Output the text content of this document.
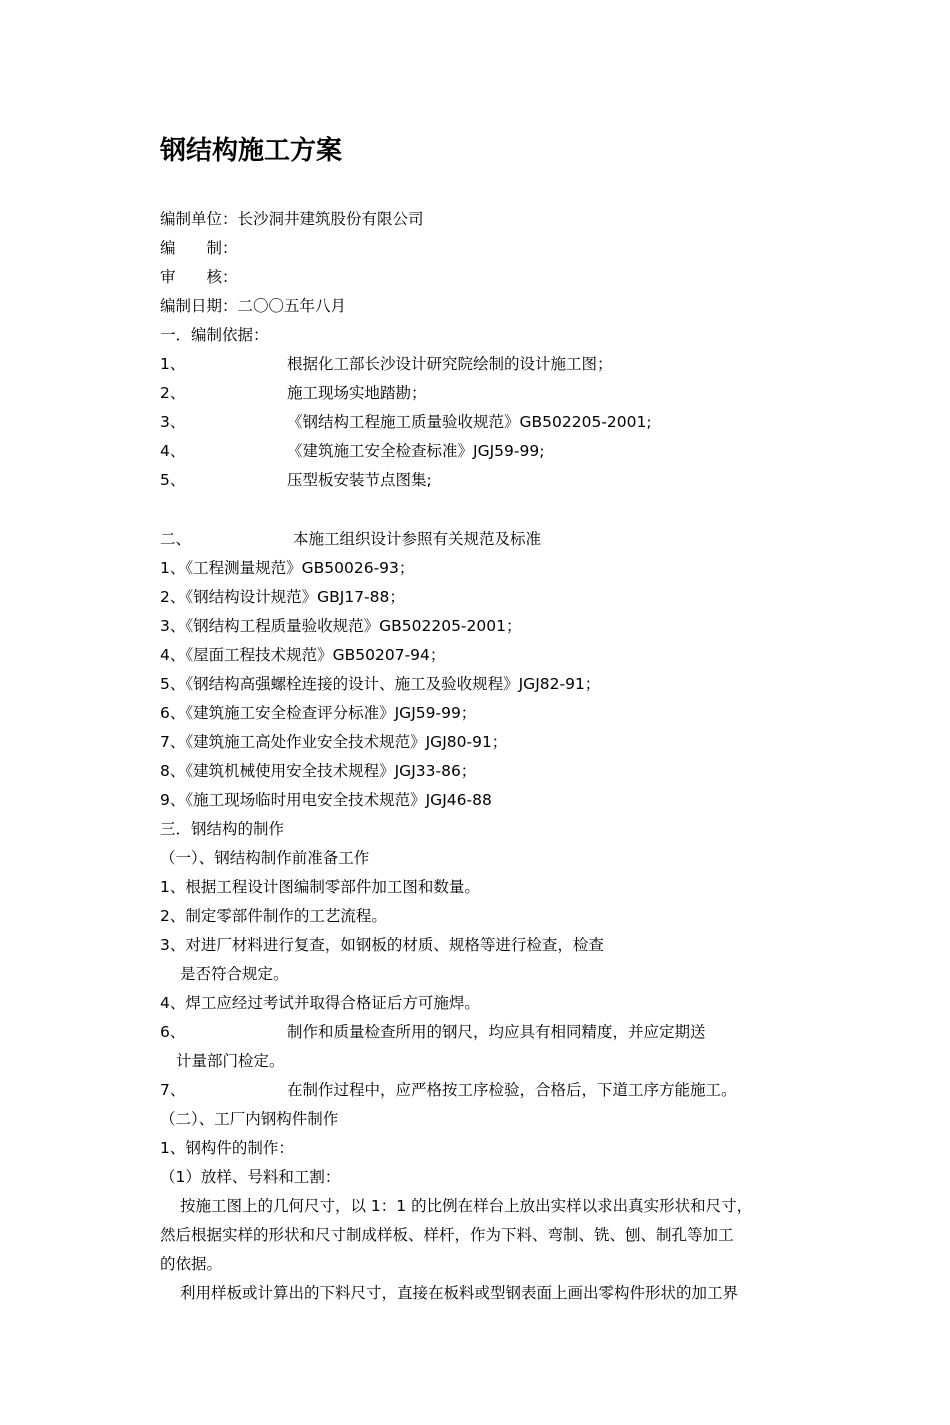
钢结构施工方案
编制单位：长沙洞井建筑股份有限公司
编　　制：
审　　核：
编制日期：二〇〇五年八月
一．编制依据：
1、	根据化工部长沙设计研究院绘制的设计施工图；
2、	施工现场实地踏勘；
3、	《钢结构工程施工质量验收规范》GB502205-2001;
4、	《建筑施工安全检查标准》JGJ59-99;
5、	压型板安装节点图集;
二、	本施工组织设计参照有关规范及标准
1、《工程测量规范》GB50026-93；
2、《钢结构设计规范》GBJ17-88；
3、《钢结构工程质量验收规范》GB502205-2001；
4、《屋面工程技术规范》GB50207-94；
5、《钢结构高强螺栓连接的设计、施工及验收规程》JGJ82-91；
6、《建筑施工安全检查评分标准》JGJ59-99；
7、《建筑施工高处作业安全技术规范》JGJ80-91；
8、《建筑机械使用安全技术规程》JGJ33-86；
9、《施工现场临时用电安全技术规范》JGJ46-88
三．钢结构的制作
（一）、钢结构制作前准备工作
1、根据工程设计图编制零部件加工图和数量。
2、制定零部件制作的工艺流程。
3、对进厂材料进行复查，如钢板的材质、规格等进行检查，检查
是否符合规定。
4、焊工应经过考试并取得合格证后方可施焊。
6、	制作和质量检查所用的钢尺，均应具有相同精度，并应定期送
计量部门检定。
7、	在制作过程中，应严格按工序检验，合格后，下道工序方能施工。
（二）、工厂内钢构件制作
1、钢构件的制作：
（1）放样、号料和工割：
按施工图上的几何尺寸，以 1：1 的比例在样台上放出实样以求出真实形状和尺寸，
然后根据实样的形状和尺寸制成样板、样杆，作为下料、弯制、铣、刨、制孔等加工
的依据。
利用样板或计算出的下料尺寸，直接在板料或型钢表面上画出零构件形状的加工界
